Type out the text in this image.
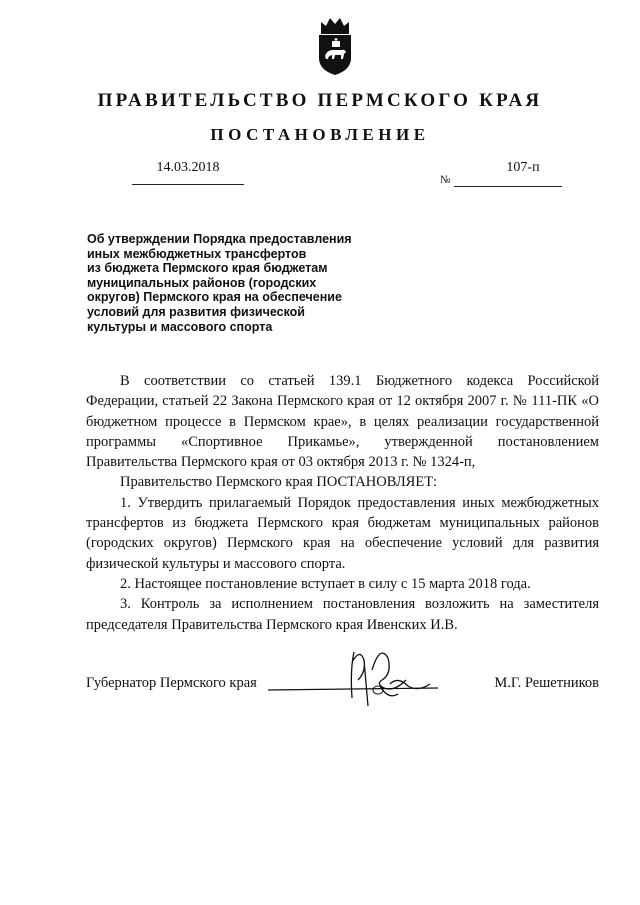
ПРАВИТЕЛЬСТВО ПЕРМСКОГО КРАЯ
ПОСТАНОВЛЕНИЕ
14.03.2018
№
107-п
Об утверждении Порядка предоставления
иных межбюджетных трансфертов
из бюджета Пермского края бюджетам
муниципальных районов (городских
округов) Пермского края на обеспечение
условий для развития физической
культуры и массового спорта

В соответствии со статьей 139.1 Бюджетного кодекса Российской Федерации, статьей 22 Закона Пермского края от 12 октября 2007 г. № 111-ПК «О бюджетном процессе в Пермском крае», в целях реализации государственной программы «Спортивное Прикамье», утвержденной постановлением Правительства Пермского края от 03 октября 2013 г. № 1324-п,

Правительство Пермского края ПОСТАНОВЛЯЕТ:

1. Утвердить прилагаемый Порядок предоставления иных межбюджетных трансфертов из бюджета Пермского края бюджетам муниципальных районов (городских округов) Пермского края на обеспечение условий для развития физической культуры и массового спорта.

2. Настоящее постановление вступает в силу с 15 марта 2018 года.

3. Контроль за исполнением постановления возложить на заместителя председателя Правительства Пермского края Ивенских И.В.

Губернатор Пермского края	М.Г. Решетников
